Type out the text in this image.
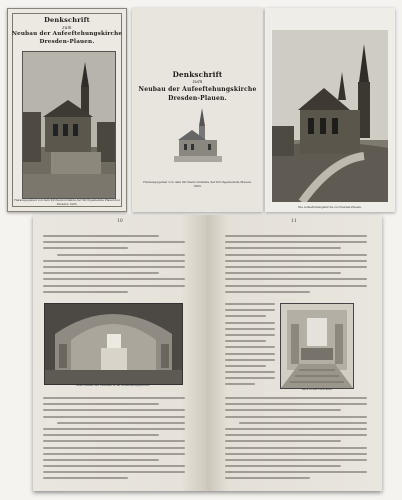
Denkschrift
zum
Neubau der Aufeeftehungskirche
Dresden-Plauen.
Herausgegeben von dem Kirchenvorstande der Kirchgemeinde Plauen bei Dresden 1903.
Denkschrift
zum
Neubau der Aufeeftehungskirche
Dresden-Plauen.
Herausgegeben von dem Kirchenvorstande der Kirchgemeinde Plauen. 1903.
Die Aufeeftehungskirche zu Dresden-Plauen.
10
Altar, Kanzel und Taufstein in der Aufeeftehungskirche.
11
Blick in den Chorraum.
